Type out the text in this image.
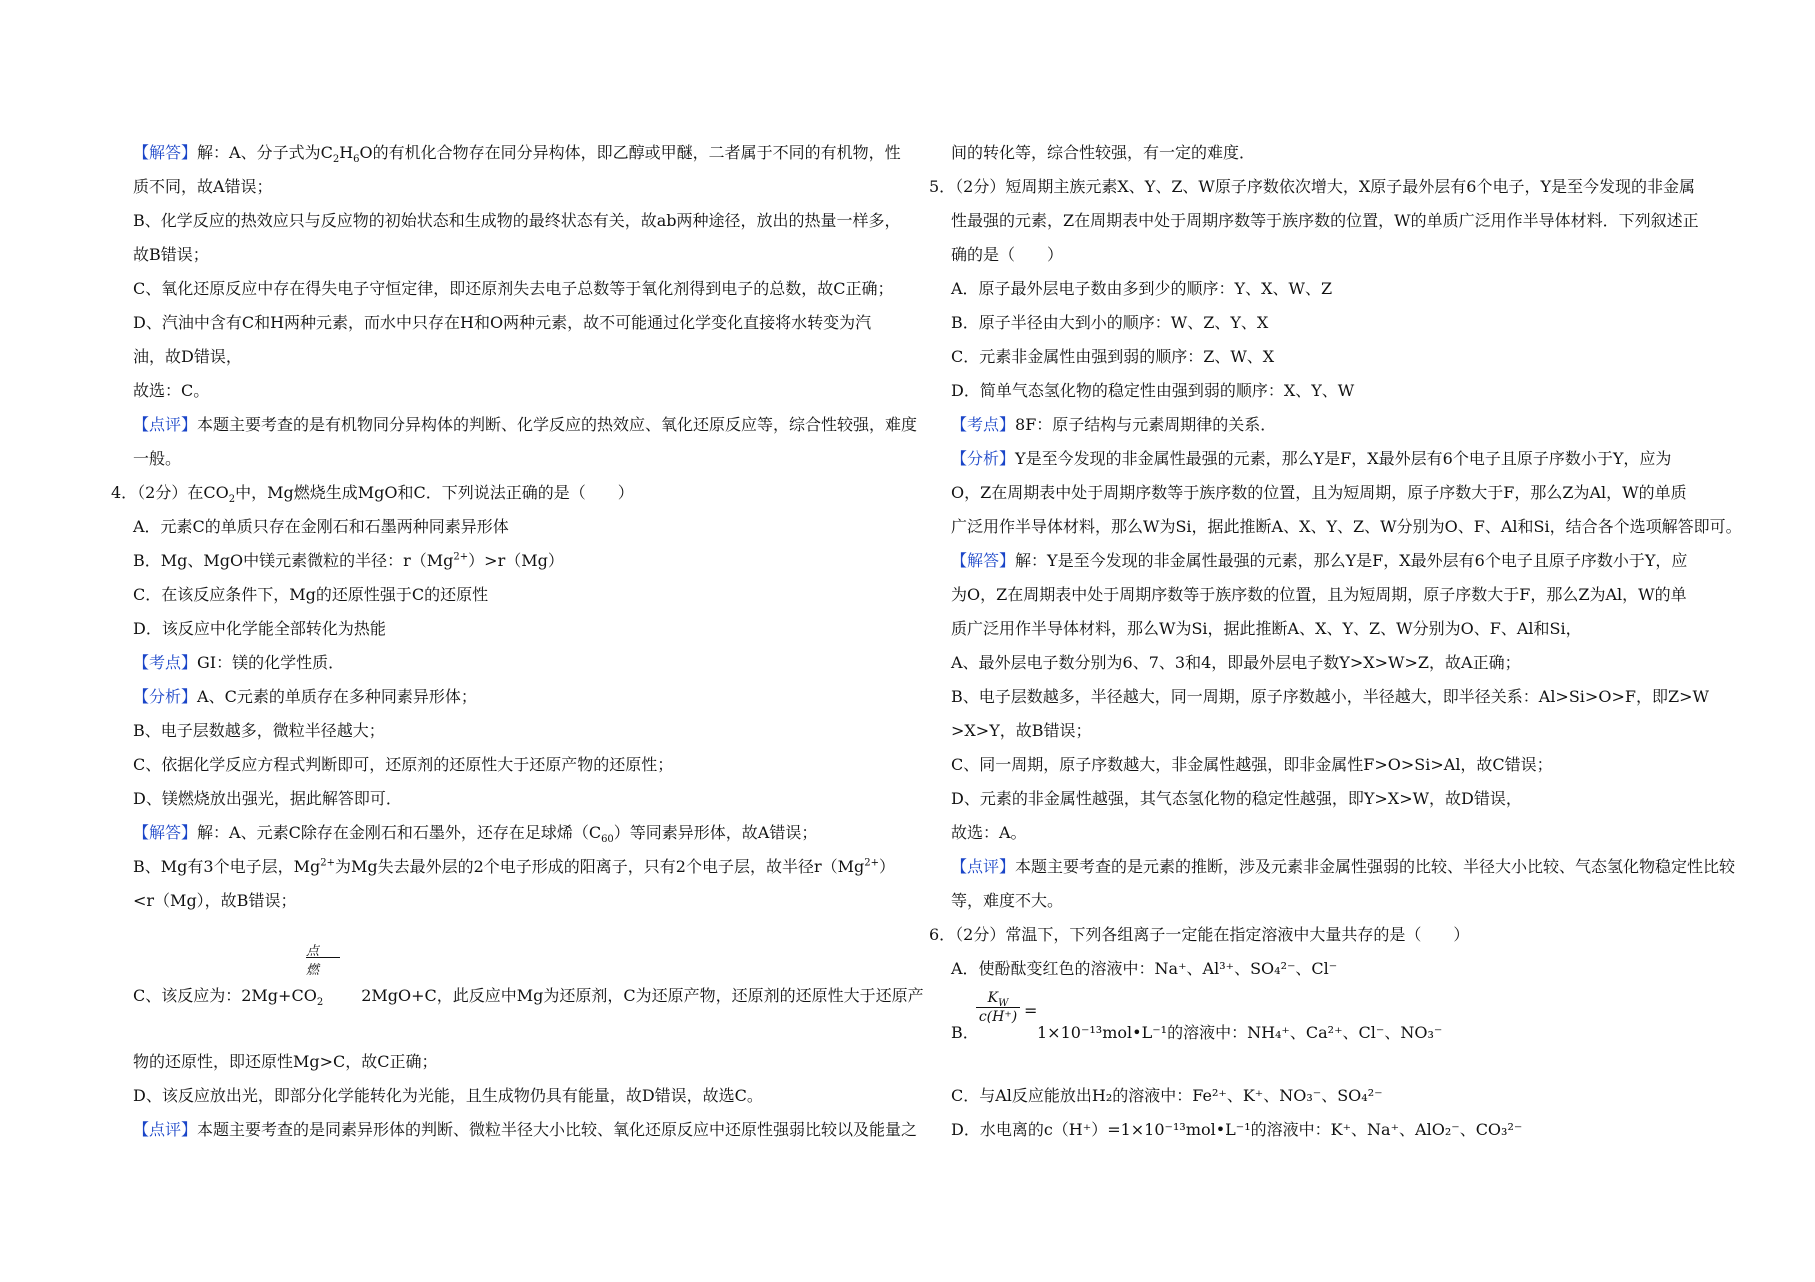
【解答】解：A、分子式为$C_2H_6O$的有机化合物存在同分异构体，即乙醇或甲醚，二者属于不同的有机物，性
质不同，故A错误；
B、化学反应的热效应只与反应物的初始状态和生成物的最终状态有关，故ab两种途径，放出的热量一样多，
故B错误；
C、氧化还原反应中存在得失电子守恒定律，即还原剂失去电子总数等于氧化剂得到电子的总数，故C正确；
D、汽油中含有C和H两种元素，而水中只存在H和O两种元素，故不可能通过化学变化直接将水转变为汽
油，故D错误，
故选：C。
【点评】本题主要考查的是有机物同分异构体的判断、化学反应的热效应、氧化还原反应等，综合性较强，难度
一般。
4．（2分）在$CO_2$中，Mg燃烧生成MgO和C．下列说法正确的是（　　）
A．元素C的单质只存在金刚石和石墨两种同素异形体
B．Mg、MgO中镁元素微粒的半径：$r(Mg^{2+})>r(Mg)$
C．在该反应条件下，Mg的还原性强于C的还原性
D．该反应中化学能全部转化为热能
【考点】GI：镁的化学性质．
【分析】A、C元素的单质存在多种同素异形体；
B、电子层数越多，微粒半径越大；
C、依据化学反应方程式判断即可，还原剂的还原性大于还原产物的还原性；
D、镁燃烧放出强光，据此解答即可．
【解答】解：A、元素C除存在金刚石和石墨外，还存在足球烯$(C_{60})$等同素异形体，故A错误；
B、Mg有3个电子层，$Mg^{2+}$为Mg失去最外层的2个电子形成的阳离子，只有2个电子层，故半径$r(Mg^{2+})$
<r（Mg），故B错误；
点燃
C、该反应为：$2Mg+CO_2$ 2MgO+C，此反应中Mg为还原剂，C为还原产物，还原剂的还原性大于还原产
物的还原性，即还原性Mg>C，故C正确；
D、该反应放出光，即部分化学能转化为光能，且生成物仍具有能量，故D错误，故选C。
【点评】本题主要考查的是同素异形体的判断、微粒半径大小比较、氧化还原反应中还原性强弱比较以及能量之
间的转化等，综合性较强，有一定的难度．
5．（2分）短周期主族元素X、Y、Z、W原子序数依次增大，X原子最外层有6个电子，Y是至今发现的非金属
性最强的元素，Z在周期表中处于周期序数等于族序数的位置，W的单质广泛用作半导体材料．下列叙述正
确的是（　　）
A．原子最外层电子数由多到少的顺序：Y、X、W、Z
B．原子半径由大到小的顺序：W、Z、Y、X
C．元素非金属性由强到弱的顺序：Z、W、X
D．简单气态氢化物的稳定性由强到弱的顺序：X、Y、W
【考点】8F：原子结构与元素周期律的关系．
【分析】Y是至今发现的非金属性最强的元素，那么Y是F，X最外层有6个电子且原子序数小于Y，应为
O，Z在周期表中处于周期序数等于族序数的位置，且为短周期，原子序数大于F，那么Z为Al，W的单质
广泛用作半导体材料，那么W为Si，据此推断A、X、Y、Z、W分别为O、F、Al和Si，结合各个选项解答即可。
【解答】解：Y是至今发现的非金属性最强的元素，那么Y是F，X最外层有6个电子且原子序数小于Y，应
为O，Z在周期表中处于周期序数等于族序数的位置，且为短周期，原子序数大于F，那么Z为Al，W的单
质广泛用作半导体材料，那么W为Si，据此推断A、X、Y、Z、W分别为O、F、Al和Si，
A、最外层电子数分别为6、7、3和4，即最外层电子数Y>X>W>Z，故A正确；
B、电子层数越多，半径越大，同一周期，原子序数越小，半径越大，即半径关系：Al>Si>O>F，即Z>W
>X>Y，故B错误；
C、同一周期，原子序数越大，非金属性越强，即非金属性F>O>Si>Al，故C错误；
D、元素的非金属性越强，其气态氢化物的稳定性越强，即Y>X>W，故D错误，
故选：A。
【点评】本题主要考查的是元素的推断，涉及元素非金属性强弱的比较、半径大小比较、气态氢化物稳定性比较
等，难度不大。
6．（2分）常温下，下列各组离子一定能在指定溶液中大量共存的是（　　）
A．使酚酞变红色的溶液中：Na⁺、Al³⁺、SO₄²⁻、Cl⁻
$K_W$
c(H⁺) =
B．	1×10⁻¹³mol•L⁻¹的溶液中：NH₄⁺、Ca²⁺、Cl⁻、NO₃⁻
C．与Al反应能放出H₂的溶液中：Fe²⁺、K⁺、NO₃⁻、SO₄²⁻
D．水电离的c（H⁺）=1×10⁻¹³mol•L⁻¹的溶液中：K⁺、Na⁺、AlO₂⁻、CO₃²⁻
